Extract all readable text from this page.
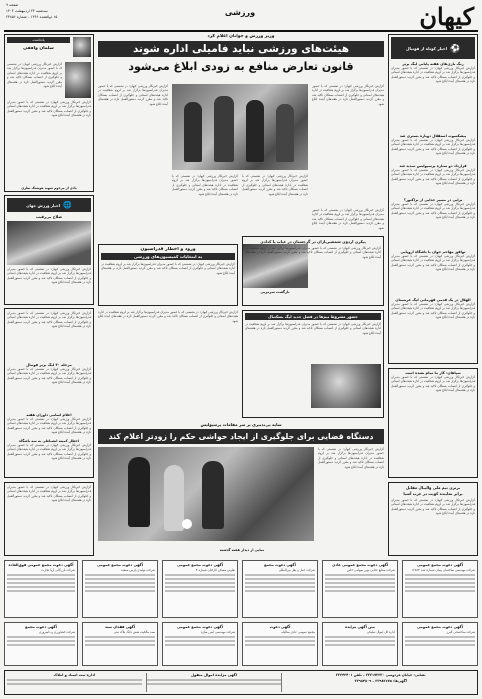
کیهان
ورزشی
صفحه ۹
سه‌شنبه ۲۳ اردیبهشت ۱۴۰۴
۱۵ ذوالقعده ۱۴۴۶ – شماره ۲۳۸۵۶
⚽
اخبار کوتاه از فوتبال
رنگ باز‌ی‌های هفته پایانی لیگ برتر
گزارش خبرنگار ورزشی کیهان؛ در نشستی که با حضور مدیران فدراسیون‌ها برگزار شد بر لزوم شفافیت در اداره هیئت‌های استانی و جلوگیری از انتصاب بستگان تاکید شد و مقرر گردید دستورالعمل تازه در هفته‌های آینده ابلاغ شود.
پیشکسوت استقلال دوباره بستری شد
گزارش خبرنگار ورزشی کیهان؛ در نشستی که با حضور مدیران فدراسیون‌ها برگزار شد بر لزوم شفافیت در اداره هیئت‌های استانی و جلوگیری از انتصاب بستگان تاکید شد و مقرر گردید دستورالعمل تازه در هفته‌های آینده ابلاغ شود.
قرارداد دو ستاره پرسپولیس تمدید شد
گزارش خبرنگار ورزشی کیهان؛ در نشستی که با حضور مدیران فدراسیون‌ها برگزار شد بر لزوم شفافیت در اداره هیئت‌های استانی و جلوگیری از انتصاب بستگان تاکید شد و مقرر گردید دستورالعمل تازه در هفته‌های آینده ابلاغ شود.
ترابی در مسیر جدایی از تراکتور؟
گزارش خبرنگار ورزشی کیهان؛ در نشستی که با حضور مدیران فدراسیون‌ها برگزار شد بر لزوم شفافیت در اداره هیئت‌های استانی و جلوگیری از انتصاب بستگان تاکید شد و مقرر گردید دستورالعمل تازه در هفته‌های آینده ابلاغ شود.
توافق مهاجم جوان با باشگاه اروپایی
گزارش خبرنگار ورزشی کیهان؛ در نشستی که با حضور مدیران فدراسیون‌ها برگزار شد بر لزوم شفافیت در اداره هیئت‌های استانی و جلوگیری از انتصاب بستگان تاکید شد و مقرر گردید دستورالعمل تازه در هفته‌های آینده ابلاغ شود.
الهلال در یک قدمی قهرمانی لیگ عربستان
گزارش خبرنگار ورزشی کیهان؛ در نشستی که با حضور مدیران فدراسیون‌ها برگزار شد بر لزوم شفافیت در اداره هیئت‌های استانی و جلوگیری از انتصاب بستگان تاکید شد و مقرر گردید دستورالعمل تازه در هفته‌های آینده ابلاغ شود.
سپاهان: کار ما تمام نشده است
گزارش خبرنگار ورزشی کیهان؛ در نشستی که با حضور مدیران فدراسیون‌ها برگزار شد بر لزوم شفافیت در اداره هیئت‌های استانی و جلوگیری از انتصاب بستگان تاکید شد و مقرر گردید دستورالعمل تازه در هفته‌های آینده ابلاغ شود.
یادداشت
سلمان واقفی
گزارش خبرنگار ورزشی کیهان؛ در نشستی که با حضور مدیران فدراسیون‌ها برگزار شد بر لزوم شفافیت در اداره هیئت‌های استانی و جلوگیری از انتصاب بستگان تاکید شد و مقرر گردید دستورالعمل تازه در هفته‌های آینده ابلاغ شود.
گزارش خبرنگار ورزشی کیهان؛ در نشستی که با حضور مدیران فدراسیون‌ها برگزار شد بر لزوم شفافیت در اداره هیئت‌های استانی و جلوگیری از انتصاب بستگان تاکید شد و مقرر گردید دستورالعمل تازه در هفته‌های آینده ابلاغ شود.
یادی از مرحوم شهید هوشنگ نظری
🌐
اخبار ورزش جهان
صلاح بی‌رقیب
گزارش خبرنگار ورزشی کیهان؛ در نشستی که با حضور مدیران فدراسیون‌ها برگزار شد بر لزوم شفافیت در اداره هیئت‌های استانی و جلوگیری از انتصاب بستگان تاکید شد و مقرر گردید دستورالعمل تازه در هفته‌های آینده ابلاغ شود.
گزارش خبرنگار ورزشی کیهان؛ در نشستی که با حضور مدیران فدراسیون‌ها برگزار شد بر لزوم شفافیت در اداره هیئت‌های استانی و جلوگیری از انتصاب بستگان تاکید شد و مقرر گردید دستورالعمل تازه در هفته‌های آینده ابلاغ شود.
مرحله ۳۰ لیگ برتر فوتبال
گزارش خبرنگار ورزشی کیهان؛ در نشستی که با حضور مدیران فدراسیون‌ها برگزار شد بر لزوم شفافیت در اداره هیئت‌های استانی و جلوگیری از انتصاب بستگان تاکید شد و مقرر گردید دستورالعمل تازه در هفته‌های آینده ابلاغ شود.
اعلام اسامی داوران هفته
گزارش خبرنگار ورزشی کیهان؛ در نشستی که با حضور مدیران فدراسیون‌ها برگزار شد بر لزوم شفافیت در اداره هیئت‌های استانی و جلوگیری از انتصاب بستگان تاکید شد و مقرر گردید دستورالعمل تازه در هفته‌های آینده ابلاغ شود.
اخطار کمیته انضباطی به سه باشگاه
گزارش خبرنگار ورزشی کیهان؛ در نشستی که با حضور مدیران فدراسیون‌ها برگزار شد بر لزوم شفافیت در اداره هیئت‌های استانی و جلوگیری از انتصاب بستگان تاکید شد و مقرر گردید دستورالعمل تازه در هفته‌های آینده ابلاغ شود.
وزیر ورزش و جوانان اعلام کرد
هیئت‌های ورزشی نباید فامیلی اداره شوند
قانون تعارض منافع به زودی ابلاغ می‌شود
گزارش خبرنگار ورزشی کیهان؛ در نشستی که با حضور مدیران فدراسیون‌ها برگزار شد بر لزوم شفافیت در اداره هیئت‌های استانی و جلوگیری از انتصاب بستگان تاکید شد و مقرر گردید دستورالعمل تازه در هفته‌های آینده ابلاغ شود.
گزارش خبرنگار ورزشی کیهان؛ در نشستی که با حضور مدیران فدراسیون‌ها برگزار شد بر لزوم شفافیت در اداره هیئت‌های استانی و جلوگیری از انتصاب بستگان تاکید شد و مقرر گردید دستورالعمل تازه در هفته‌های آینده ابلاغ شود.
گزارش خبرنگار ورزشی کیهان؛ در نشستی که با حضور مدیران فدراسیون‌ها برگزار شد بر لزوم شفافیت در اداره هیئت‌های استانی و جلوگیری از انتصاب بستگان تاکید شد و مقرر گردید دستورالعمل تازه در هفته‌های آینده ابلاغ شود.
گزارش خبرنگار ورزشی کیهان؛ در نشستی که با حضور مدیران فدراسیون‌ها برگزار شد بر لزوم شفافیت در اداره هیئت‌های استانی و جلوگیری از انتصاب بستگان تاکید شد و مقرر گردید دستورالعمل تازه در هفته‌های آینده ابلاغ شود.
گزارش خبرنگار ورزشی کیهان؛ در نشستی که با حضور مدیران فدراسیون‌ها برگزار شد بر لزوم شفافیت در اداره هیئت‌های استانی و جلوگیری از انتصاب بستگان تاکید شد و مقرر گردید دستورالعمل تازه در هفته‌های آینده ابلاغ شود.
ورود و اخطار فدراسیون
به انتخابات کمیسیون‌های ورزشی
گزارش خبرنگار ورزشی کیهان؛ در نشستی که با حضور مدیران فدراسیون‌ها برگزار شد بر لزوم شفافیت در اداره هیئت‌های استانی و جلوگیری از انتصاب بستگان تاکید شد و مقرر گردید دستورالعمل تازه در هفته‌های آینده ابلاغ شود.
بازگشت سرمربی
پیکری اردوی شمشیربازان در گرجستان در غیاب یا کدادی
گزارش خبرنگار ورزشی کیهان؛ در نشستی که با حضور مدیران فدراسیون‌ها برگزار شد بر لزوم شفافیت در اداره هیئت‌های استانی و جلوگیری از انتصاب بستگان تاکید شد و مقرر گردید دستورالعمل تازه در هفته‌های آینده ابلاغ شود.
گزارش خبرنگار ورزشی کیهان؛ در نشستی که با حضور مدیران فدراسیون‌ها برگزار شد بر لزوم شفافیت در اداره هیئت‌های استانی و جلوگیری از انتصاب بستگان تاکید شد و مقرر گردید دستورالعمل تازه در هفته‌های آینده ابلاغ شود.
حضور مشروط تیم‌ها در فصل جدید لیگ بسکتبال
گزارش خبرنگار ورزشی کیهان؛ در نشستی که با حضور مدیران فدراسیون‌ها برگزار شد بر لزوم شفافیت در اداره هیئت‌های استانی و جلوگیری از انتصاب بستگان تاکید شد و مقرر گردید دستورالعمل تازه در هفته‌های آینده ابلاغ شود.
سایه بی‌تدبیری بر سر مقامات پرسپولیس
دستگاه قضایی برای جلوگیری از ایجاد حواشی حکم را زودتر اعلام کند
گزارش خبرنگار ورزشی کیهان؛ در نشستی که با حضور مدیران فدراسیون‌ها برگزار شد بر لزوم شفافیت در اداره هیئت‌های استانی و جلوگیری از انتصاب بستگان تاکید شد و مقرر گردید دستورالعمل تازه در هفته‌های آینده ابلاغ شود.
نمایی از دیدار هفته گذشته
برتری تیم ملی والیبال مقابل
برابر نماینده کویت در غرب آسیا
گزارش خبرنگار ورزشی کیهان؛ در نشستی که با حضور مدیران فدراسیون‌ها برگزار شد بر لزوم شفافیت در اداره هیئت‌های استانی و جلوگیری از انتصاب بستگان تاکید شد و مقرر گردید دستورالعمل تازه در هفته‌های آینده ابلاغ شود.
گزارش خبرنگار ورزشی کیهان؛ در نشستی که با حضور مدیران فدراسیون‌ها برگزار شد بر لزوم شفافیت در اداره هیئت‌های استانی و جلوگیری از انتصاب بستگان تاکید شد و مقرر گردید دستورالعمل تازه در هفته‌های آینده ابلاغ شود.
آگهی دعوت مجمع عمومی
شرکت مهندسی ساختمان پیمان شماره ثبت ۱۲۵۶۴
آگهی دعوت مجمع عمومی عادی
شرکت صنایع غذایی نوین سهامی خاص
آگهی دعوت مجمع
شرکت حمل و نقل بین‌المللی
آگهی دعوت مجمع عمومی
تعاونی مسکن کارکنان شماره ۴
آگهی دعوت مجمع عمومی
شرکت تولیدی پارس صنعت
آگهی دعوت مجمع عمومی فوق‌العاده
شرکت بازرگانی آریا تجارت
آگهی دعوت مجمع عمومی
شرکت ساختمانی البرز
متن آگهی مزایده
اداره کل اموال تملیکی
آگهی دعوت
مجمع عمومی عادی سالیانه
آگهی دعوت مجمع عمومی
شرکت مهندسی ایمن سازه
آگهی فقدان سند
سند مالکیت شش دانگ پلاک ثبتی
آگهی دعوت مجمع
شرکت کشاورزی و دامپروری
نشانی: خیابان فردوسی ۲۲۳۱۷۲۳۳۰ – تلفن ۲۲۳۴۳۴۰۱
آگهی‌ها: ۳۳۹۸۳۶۷۵ – ۳۳۹۸۴۸۰۹
آگهی مزایده اموال منقول
اداره ثبت اسناد و املاک
